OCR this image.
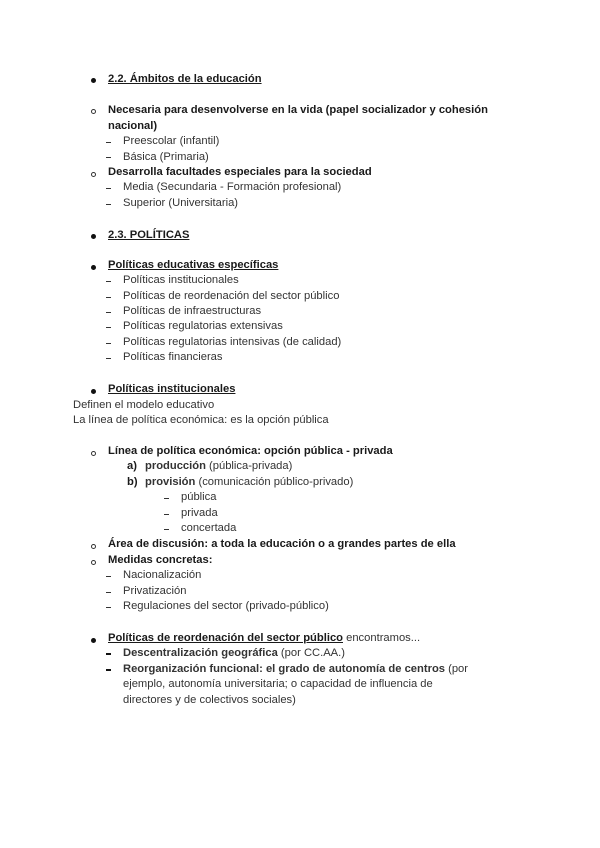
2.2. Ámbitos de la educación
Necesaria para desenvolverse en la vida (papel socializador y cohesión
nacional)
Preescolar (infantil)
Básica (Primaria)
Desarrolla facultades especiales para la sociedad
Media (Secundaria - Formación profesional)
Superior (Universitaria)
2.3. POLÍTICAS
Políticas educativas específicas
Políticas institucionales
Políticas de reordenación del sector público
Políticas de infraestructuras
Políticas regulatorias extensivas
Políticas regulatorias intensivas (de calidad)
Políticas financieras
Políticas institucionales
Definen el modelo educativo
La línea de política económica: es la opción pública
Línea de política económica: opción pública - privada
a) producción (pública-privada)
b) provisión (comunicación público-privado)
pública
privada
concertada
Área de discusión: a toda la educación o a grandes partes de ella
Medidas concretas:
Nacionalización
Privatización
Regulaciones del sector (privado-público)
Políticas de reordenación del sector público encontramos...
Descentralización geográfica (por CC.AA.)
Reorganización funcional: el grado de autonomía de centros (por
ejemplo, autonomía universitaria; o capacidad de influencia de
directores y de colectivos sociales)
